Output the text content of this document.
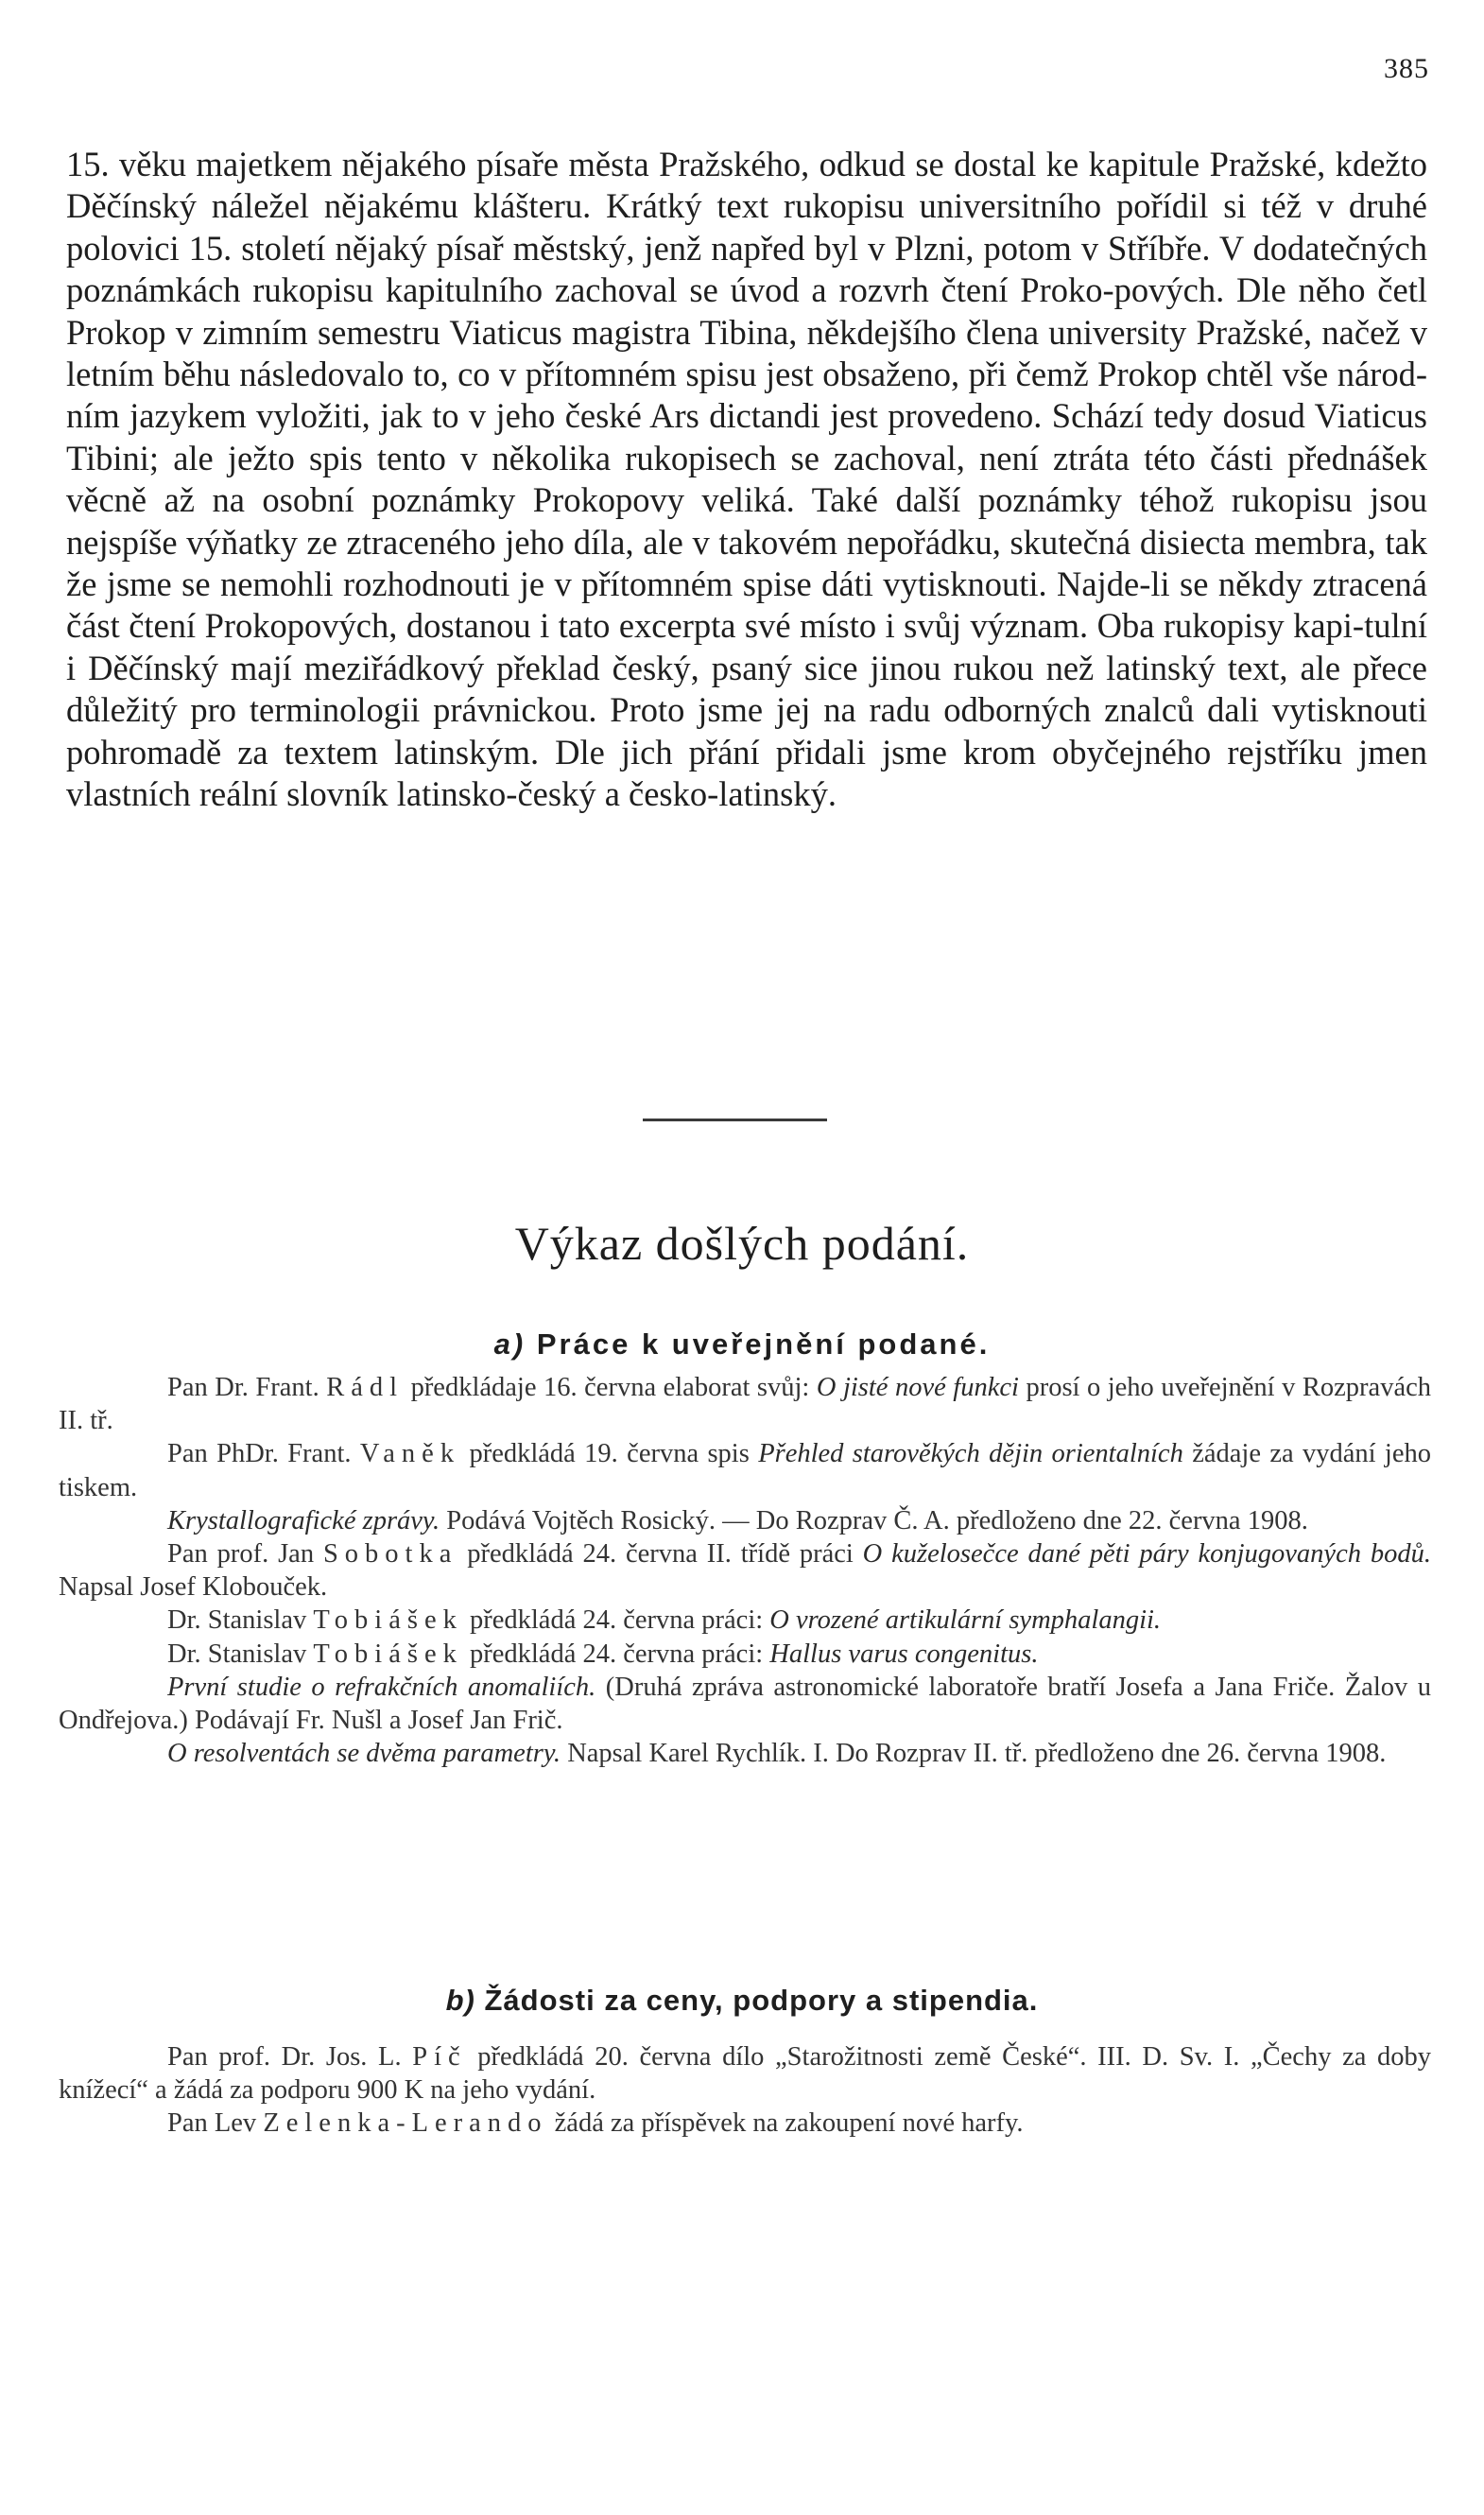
385
15. věku majetkem nějakého písaře města Pražského, odkud se dostal ke kapitule Pražské, kdežto Děčínský náležel nějakému klášteru. Krátký text rukopisu universitního pořídil si též v druhé polovici 15. století nějaký písař městský, jenž napřed byl v Plzni, potom v Stříbře. V dodatečných poznámkách rukopisu kapitulního zachoval se úvod a rozvrh čtení Proko-pových. Dle něho četl Prokop v zimním semestru Viaticus magistra Tibina, někdejšího člena university Pražské, načež v letním běhu následovalo to, co v přítomném spisu jest obsaženo, při čemž Prokop chtěl vše národ-ním jazykem vyložiti, jak to v jeho české Ars dictandi jest provedeno. Schází tedy dosud Viaticus Tibini; ale ježto spis tento v několika rukopisech se zachoval, není ztráta této části přednášek věcně až na osobní poznámky Prokopovy veliká. Také další poznámky téhož rukopisu jsou nejspíše výňatky ze ztraceného jeho díla, ale v takovém nepořádku, skutečná disiecta membra, tak že jsme se nemohli rozhodnouti je v přítomném spise dáti vytisknouti. Najde-li se někdy ztracená část čtení Prokopových, dostanou i tato excerpta své místo i svůj význam. Oba rukopisy kapi-tulní i Děčínský mají meziřádkový překlad český, psaný sice jinou rukou než latinský text, ale přece důležitý pro terminologii právnickou. Proto jsme jej na radu odborných znalců dali vytisknouti pohromadě za textem latinským. Dle jich přání přidali jsme krom obyčejného rejstříku jmen vlastních reální slovník latinsko-český a česko-latinský.
Výkaz došlých podání.
a) Práce k uveřejnění podané.

Pan Dr. Frant. Rádl předkládaje 16. června elaborat svůj: O jisté nové funkci prosí o jeho uveřejnění v Rozpravách II. tř.

Pan PhDr. Frant. Vaněk předkládá 19. června spis Přehled starověkých dějin orientalních žádaje za vydání jeho tiskem.

Krystallografické zprávy. Podává Vojtěch Rosický. — Do Rozprav Č. A. předloženo dne 22. června 1908.

Pan prof. Jan Sobotka předkládá 24. června II. třídě práci O kuželosečce dané pěti páry konjugovaných bodů. Napsal Josef Klobouček.

Dr. Stanislav Tobiášek předkládá 24. června práci: O vrozené artikulární symphalangii.

Dr. Stanislav Tobiášek předkládá 24. června práci: Hallus varus congenitus.

První studie o refrakčních anomaliích. (Druhá zpráva astronomické laboratoře bratří Josefa a Jana Friče. Žalov u Ondřejova.) Podávají Fr. Nušl a Josef Jan Frič.

O resolventách se dvěma parametry. Napsal Karel Rychlík. I. Do Rozprav II. tř. předloženo dne 26. června 1908.

b) Žádosti za ceny, podpory a stipendia.

Pan prof. Dr. Jos. L. Píč předkládá 20. června dílo „Starožitnosti země České“. III. D. Sv. I. „Čechy za doby knížecí“ a žádá za podporu 900 K na jeho vydání.

Pan Lev Zelenka-Lerando žádá za příspěvek na zakoupení nové harfy.
